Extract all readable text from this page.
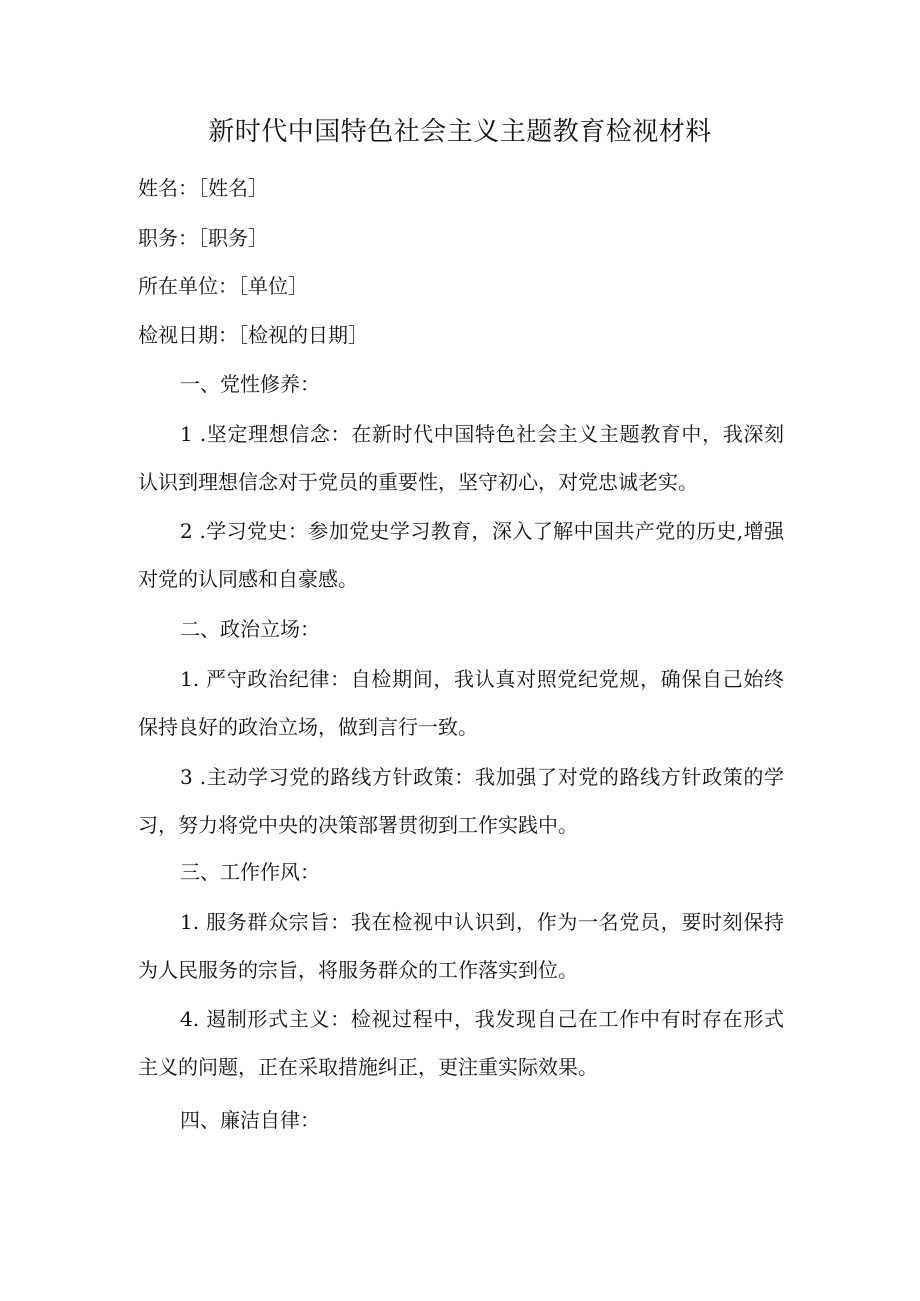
新时代中国特色社会主义主题教育检视材料
姓名：［姓名］
职务：［职务］
所在单位：［单位］
检视日期：［检视的日期］
一、党性修养：
1 .坚定理想信念：在新时代中国特色社会主义主题教育中，我深刻认识到理想信念对于党员的重要性，坚守初心，对党忠诚老实。
2 .学习党史：参加党史学习教育，深入了解中国共产党的历史,增强对党的认同感和自豪感。
二、政治立场：
1. 严守政治纪律：自检期间，我认真对照党纪党规，确保自己始终保持良好的政治立场，做到言行一致。
3 .主动学习党的路线方针政策：我加强了对党的路线方针政策的学习，努力将党中央的决策部署贯彻到工作实践中。
三、工作作风：
1. 服务群众宗旨：我在检视中认识到，作为一名党员，要时刻保持为人民服务的宗旨，将服务群众的工作落实到位。
4. 遏制形式主义：检视过程中，我发现自己在工作中有时存在形式主义的问题，正在采取措施纠正，更注重实际效果。
四、廉洁自律：
